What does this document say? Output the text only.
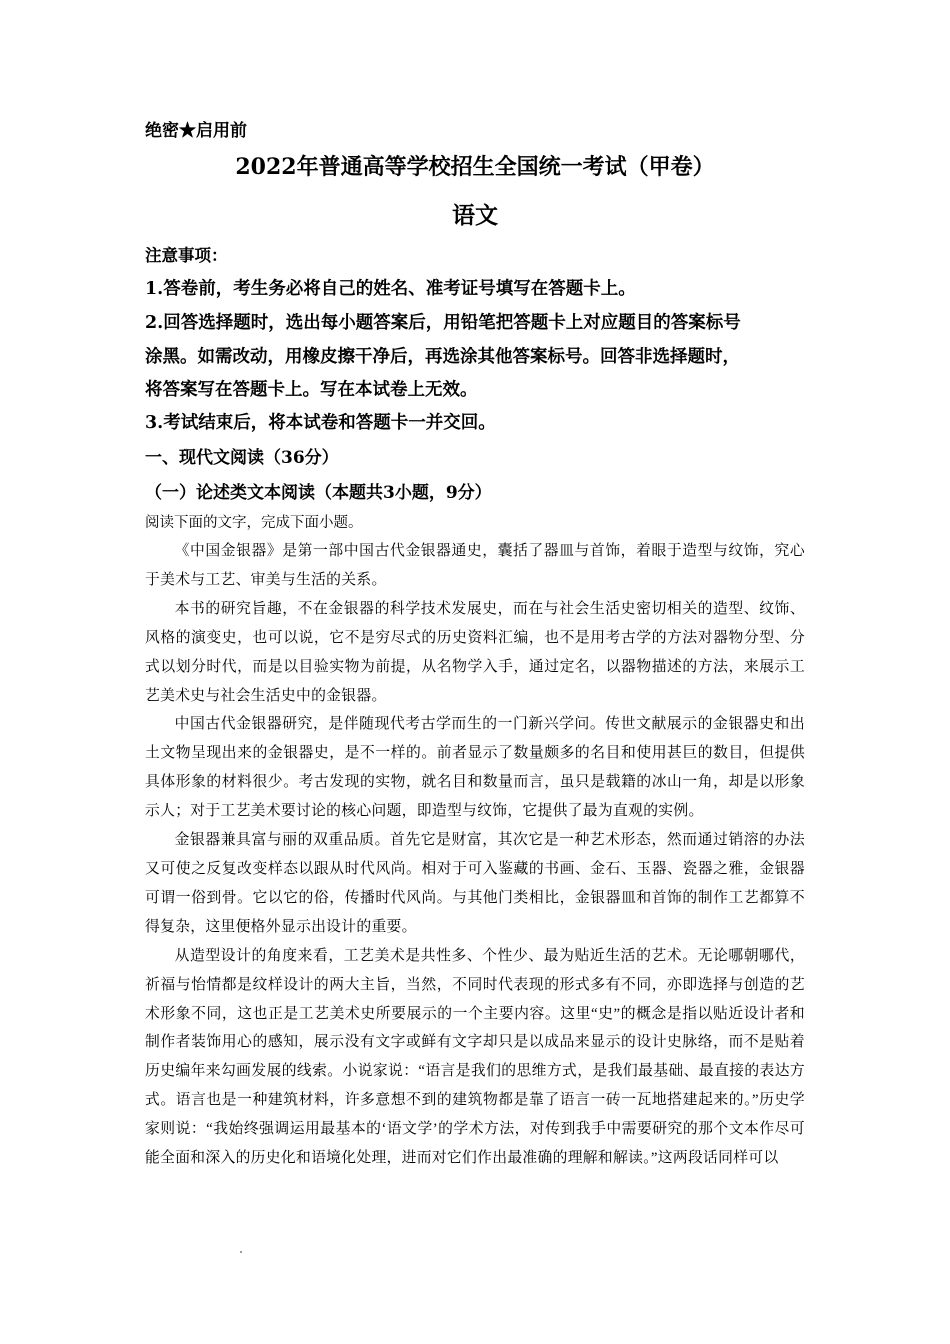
绝密★启用前
2022年普通高等学校招生全国统一考试（甲卷）
语文
注意事项：
1.答卷前，考生务必将自己的姓名、准考证号填写在答题卡上。
2.回答选择题时，选出每小题答案后，用铅笔把答题卡上对应题目的答案标号
涂黑。如需改动，用橡皮擦干净后，再选涂其他答案标号。回答非选择题时，
将答案写在答题卡上。写在本试卷上无效。
3.考试结束后，将本试卷和答题卡一并交回。
一、现代文阅读（36分）
（一）论述类文本阅读（本题共3小题，9分）
阅读下面的文字，完成下面小题。

《中国金银器》是第一部中国古代金银器通史，囊括了器皿与首饰，着眼于造型与纹饰，究心于美术与工艺、审美与生活的关系。

本书的研究旨趣，不在金银器的科学技术发展史，而在与社会生活史密切相关的造型、纹饰、风格的演变史，也可以说，它不是穷尽式的历史资料汇编，也不是用考古学的方法对器物分型、分式以划分时代，而是以目验实物为前提，从名物学入手，通过定名，以器物描述的方法，来展示工艺美术史与社会生活史中的金银器。

中国古代金银器研究，是伴随现代考古学而生的一门新兴学问。传世文献展示的金银器史和出土文物呈现出来的金银器史，是不一样的。前者显示了数量颇多的名目和使用甚巨的数目，但提供具体形象的材料很少。考古发现的实物，就名目和数量而言，虽只是载籍的冰山一角，却是以形象示人；对于工艺美术要讨论的核心问题，即造型与纹饰，它提供了最为直观的实例。

金银器兼具富与丽的双重品质。首先它是财富，其次它是一种艺术形态，然而通过销溶的办法又可使之反复改变样态以跟从时代风尚。相对于可入鉴藏的书画、金石、玉器、瓷器之雅，金银器可谓一俗到骨。它以它的俗，传播时代风尚。与其他门类相比，金银器皿和首饰的制作工艺都算不得复杂，这里便格外显示出设计的重要。

从造型设计的角度来看，工艺美术是共性多、个性少、最为贴近生活的艺术。无论哪朝哪代，祈福与怡情都是纹样设计的两大主旨，当然，不同时代表现的形式多有不同，亦即选择与创造的艺术形象不同，这也正是工艺美术史所要展示的一个主要内容。这里“史”的概念是指以贴近设计者和制作者装饰用心的感知，展示没有文字或鲜有文字却只是以成品来显示的设计史脉络，而不是贴着历史编年来勾画发展的线索。小说家说：“语言是我们的思维方式，是我们最基础、最直接的表达方式。语言也是一种建筑材料，许多意想不到的建筑物都是靠了语言一砖一瓦地搭建起来的。”历史学家则说：“我始终强调运用最基本的‘语文学’的学术方法，对传到我手中需要研究的那个文本作尽可能全面和深入的历史化和语境化处理，进而对它们作出最准确的理解和解读。”这两段话同样可以
